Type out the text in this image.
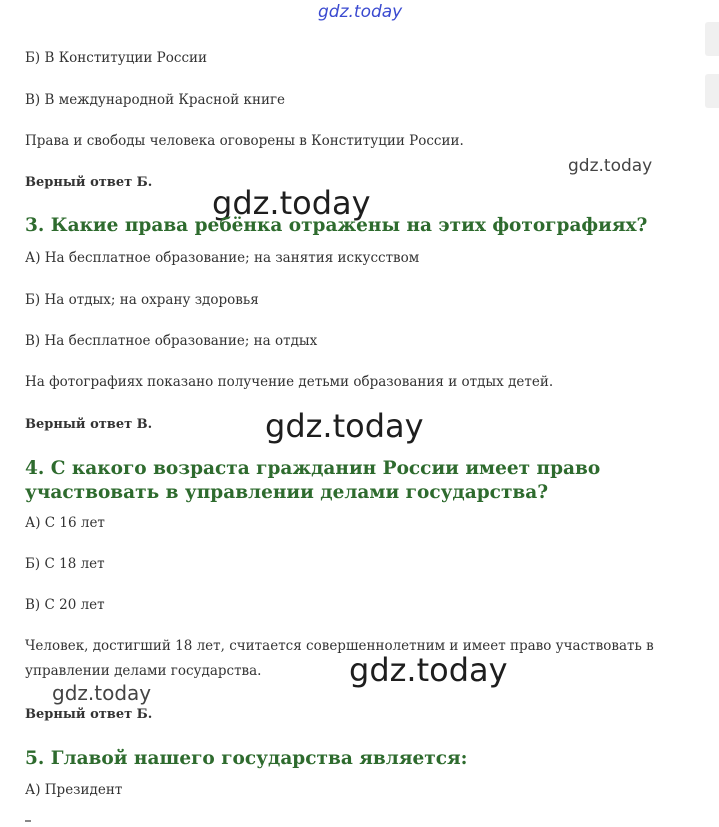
gdz.today

Б) В Конституции России

В) В международной Красной книге

Права и свободы человека оговорены в Конституции России.

Верный ответ Б.

gdz.today
gdz.today
3. Какие права ребёнка отражены на этих фотографиях?

А) На бесплатное образование; на занятия искусством

Б) На отдых; на охрану здоровья

В) На бесплатное образование; на отдых

На фотографиях показано получение детьми образования и отдых детей.

Верный ответ В.	gdz.today
4. С какого возраста гражданин России имеет право участвовать в управлении делами государства?

А) С 16 лет

Б) С 18 лет

В) С 20 лет

Человек, достигший 18 лет, считается совершеннолетним и имеет право участвовать в управлении делами государства.	gdz.today
gdz.today

Верный ответ Б.

5. Главой нашего государства является:

А) Президент
